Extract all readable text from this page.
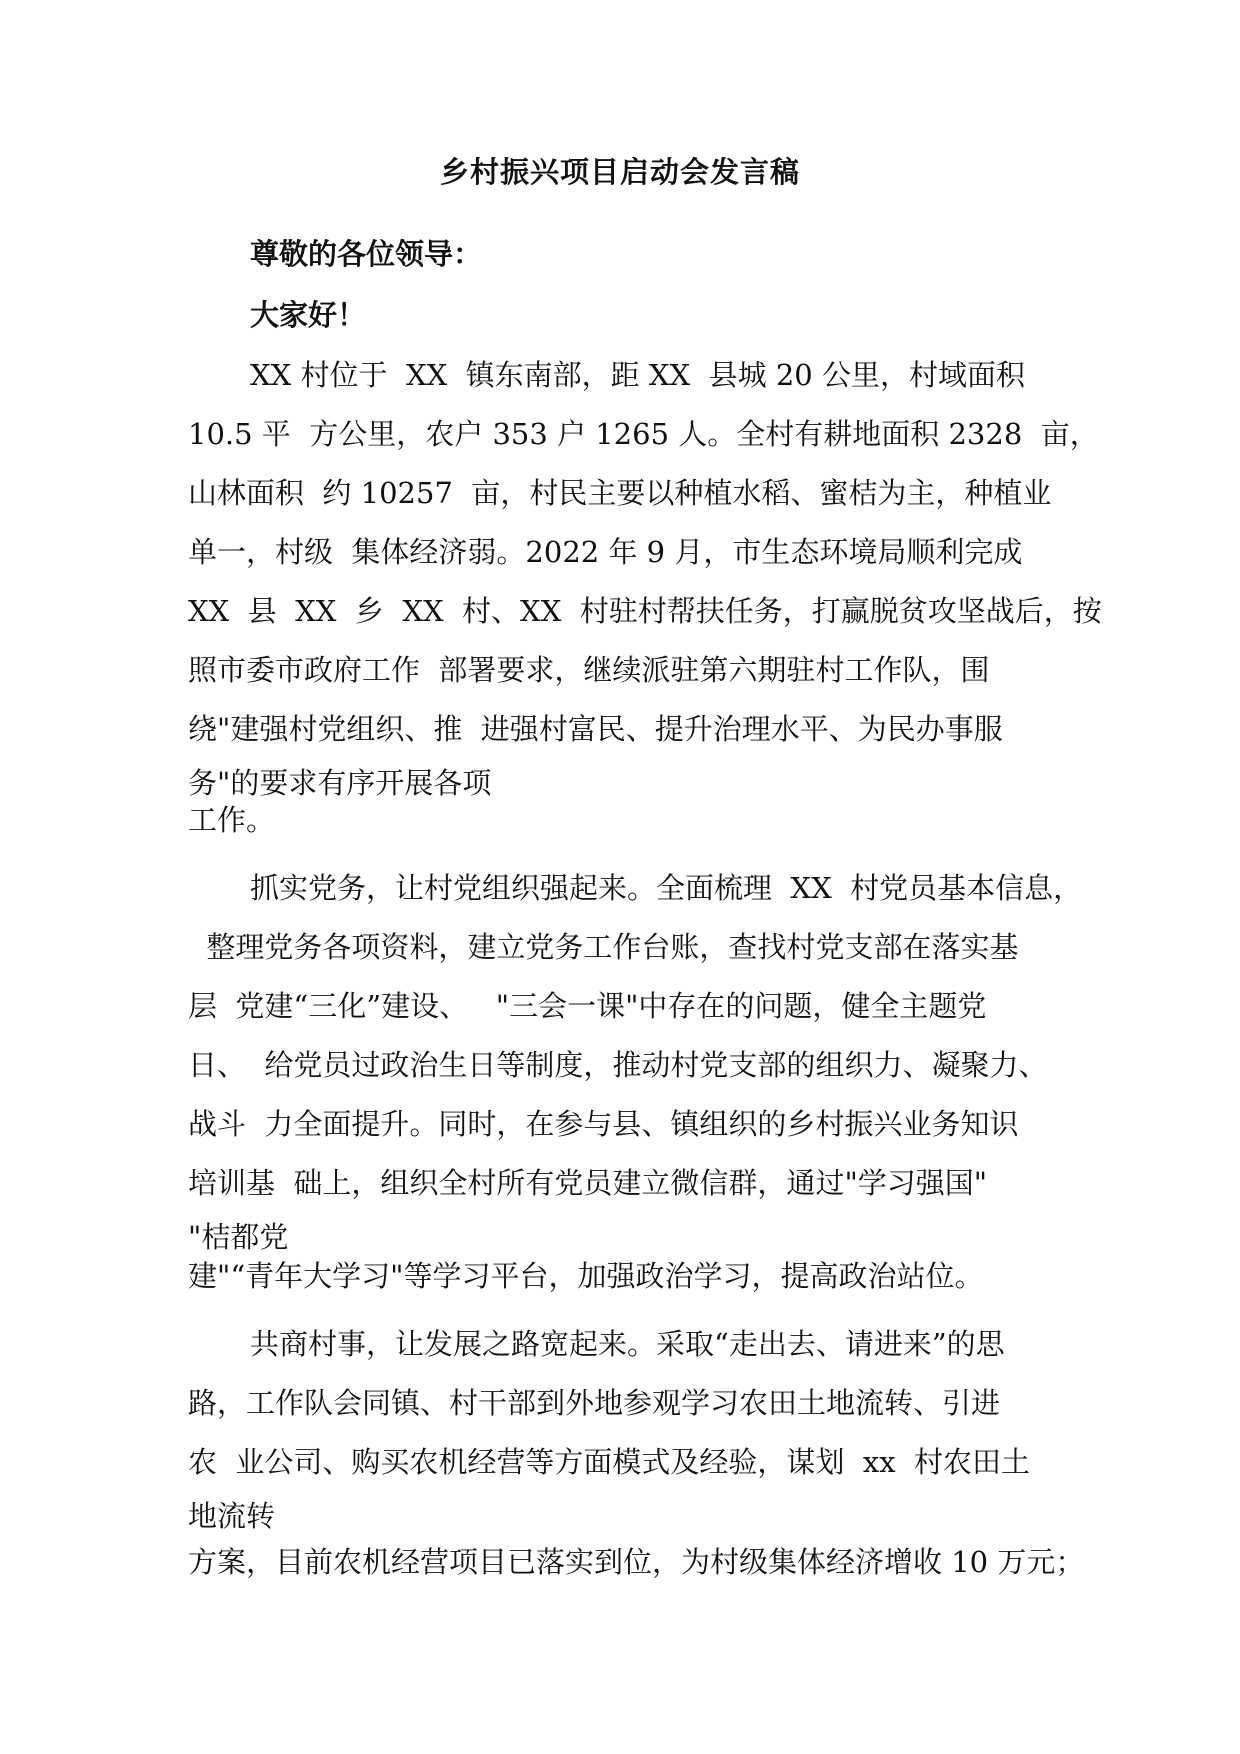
乡村振兴项目启动会发言稿
尊敬的各位领导：
大家好！
XX 村位于  XX  镇东南部，距 XX  县城 20 公里，村域面积
10.5 平  方公里，农户 353 户 1265 人。全村有耕地面积 2328  亩，
山林面积  约 10257  亩，村民主要以种植水稻、蜜桔为主，种植业
单一，村级  集体经济弱。2022 年 9 月，市生态环境局顺利完成
XX  县  XX  乡  XX  村、XX  村驻村帮扶任务，打赢脱贫攻坚战后，按
照市委市政府工作  部署要求，继续派驻第六期驻村工作队，围
绕"建强村党组织、推  进强村富民、提升治理水平、为民办事服
务"的要求有序开展各项
工作。
抓实党务，让村党组织强起来。全面梳理  XX  村党员基本信息，
整理党务各项资料，建立党务工作台账，查找村党支部在落实基
层  党建“三化”建设、   "三会一课"中存在的问题，健全主题党
日、  给党员过政治生日等制度，推动村党支部的组织力、凝聚力、
战斗  力全面提升。同时，在参与县、镇组织的乡村振兴业务知识
培训基  础上，组织全村所有党员建立微信群，通过"学习强国"
"桔都党
建"“青年大学习"等学习平台，加强政治学习，提高政治站位。
共商村事，让发展之路宽起来。采取“走出去、请进来”的思
路，工作队会同镇、村干部到外地参观学习农田土地流转、引进
农  业公司、购买农机经营等方面模式及经验，谋划  xx  村农田土
地流转
方案，目前农机经营项目已落实到位，为村级集体经济增收 10 万元；
